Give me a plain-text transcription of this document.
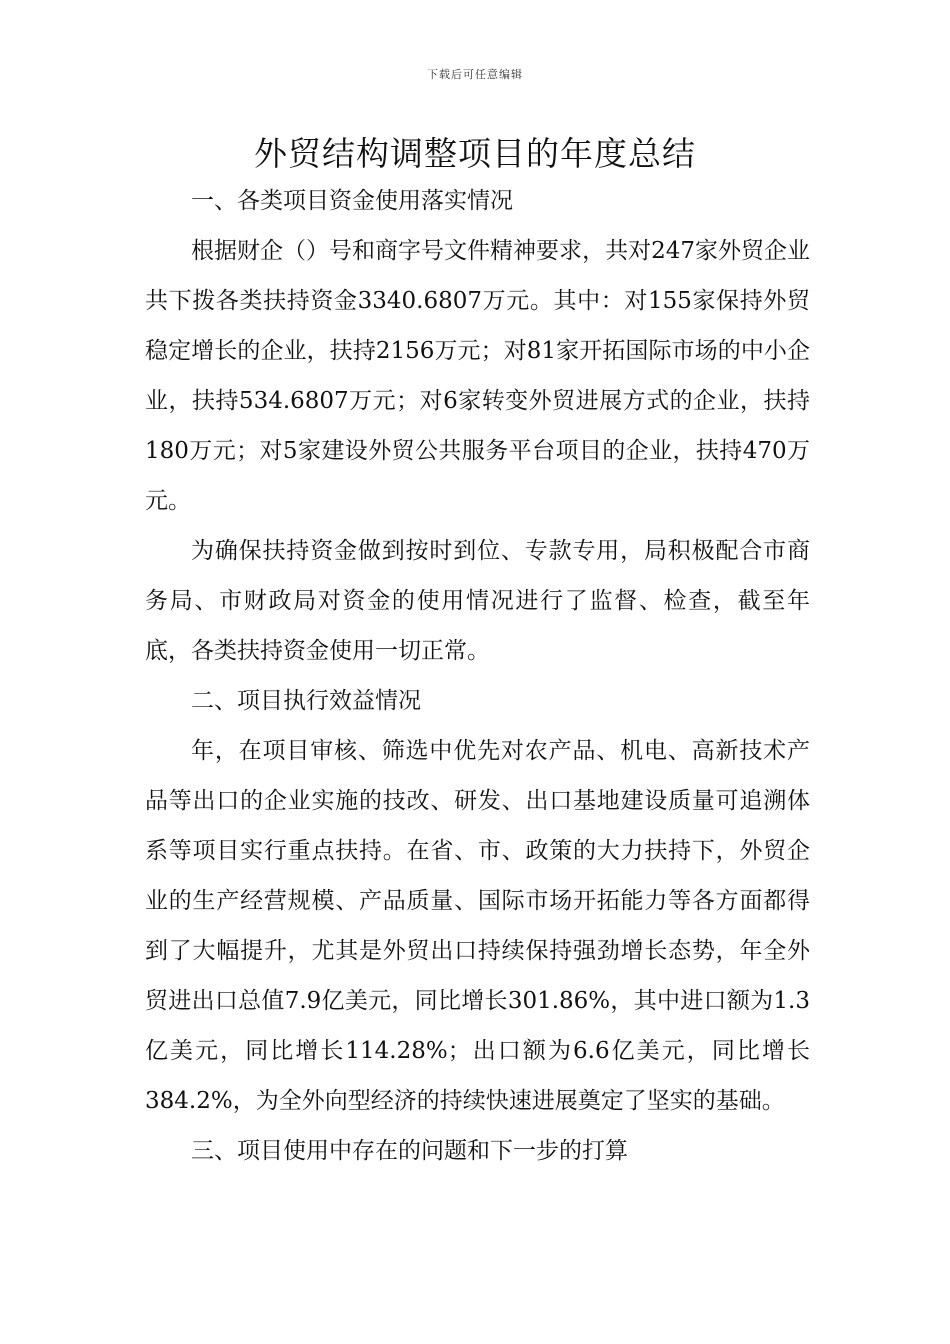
下载后可任意编辑
外贸结构调整项目的年度总结

一、各类项目资金使用落实情况

根据财企（）号和商字号文件精神要求，共对247家外贸企业共下拨各类扶持资金3340.6807万元。其中：对155家保持外贸稳定增长的企业，扶持2156万元；对81家开拓国际市场的中小企业，扶持534.6807万元；对6家转变外贸进展方式的企业，扶持180万元；对5家建设外贸公共服务平台项目的企业，扶持470万元。

为确保扶持资金做到按时到位、专款专用，局积极配合市商务局、市财政局对资金的使用情况进行了监督、检查，截至年底，各类扶持资金使用一切正常。

二、项目执行效益情况

年，在项目审核、筛选中优先对农产品、机电、高新技术产品等出口的企业实施的技改、研发、出口基地建设质量可追溯体系等项目实行重点扶持。在省、市、政策的大力扶持下，外贸企业的生产经营规模、产品质量、国际市场开拓能力等各方面都得到了大幅提升，尤其是外贸出口持续保持强劲增长态势，年全外贸进出口总值7.9亿美元，同比增长301.86%，其中进口额为1.3亿美元，同比增长114.28%；出口额为6.6亿美元，同比增长384.2%，为全外向型经济的持续快速进展奠定了坚实的基础。

三、项目使用中存在的问题和下一步的打算
